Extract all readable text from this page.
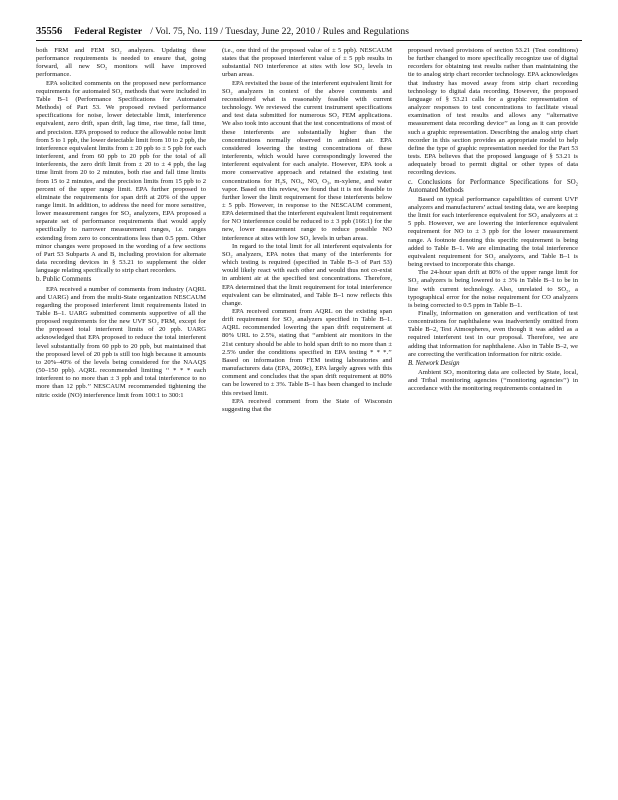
35556 Federal Register / Vol. 75, No. 119 / Tuesday, June 22, 2010 / Rules and Regulations

both FRM and FEM SO₂ analyzers. Updating these performance requirements is needed to ensure that, going forward, all new SO₂ monitors will have improved performance.

EPA solicited comments on the proposed new performance requirements for automated SO₂ methods that were included in Table B–1 (Performance Specifications for Automated Methods) of Part 53. We proposed revised performance specifications for noise, lower detectable limit, interference equivalent, zero drift, span drift, lag time, rise time, fall time, and precision. EPA proposed to reduce the allowable noise limit from 5 to 1 ppb, the lower detectable limit from 10 to 2 ppb, the interference equivalent limits from ± 20 ppb to ± 5 ppb for each interferent, and from 60 ppb to 20 ppb for the total of all interferents, the zero drift limit from ± 20 to ± 4 ppb, the lag time limit from 20 to 2 minutes, both rise and fall time limits from 15 to 2 minutes, and the precision limits from 15 ppb to 2 percent of the upper range limit. EPA further proposed to eliminate the requirements for span drift at 20% of the upper range limit. In addition, to address the need for more sensitive, lower measurement ranges for SO₂ analyzers, EPA proposed a separate set of performance requirements that would apply specifically to narrower measurement ranges, i.e. ranges extending from zero to concentrations less than 0.5 ppm. Other minor changes were proposed in the wording of a few sections of Part 53 Subparts A and B, including provision for alternate data recording devices in § 53.21 to supplement the older language relating specifically to strip chart recorders.

b. Public Comments

EPA received a number of comments from industry (AQRL and UARG) and from the multi-State organization NESCAUM regarding the proposed interferent limit requirements listed in Table B–1. UARG submitted comments supportive of all the proposed requirements for the new UVF SO₂ FRM, except for the proposed total interferent limits of 20 ppb. UARG acknowledged that EPA proposed to reduce the total interferent level substantially from 60 ppb to 20 ppb, but maintained that the proposed level of 20 ppb is still too high because it amounts to 20%–40% of the levels being considered for the NAAQS (50–150 ppb). AQRL recommended limiting ‘‘ * * * each interferent to no more than ± 3 ppb and total interference to no more than 12 ppb.’’ NESCAUM recommended tightening the nitric oxide (NO) interference limit from 100:1 to 300:1

(i.e., one third of the proposed value of ± 5 ppb). NESCAUM states that the proposed interferent value of ± 5 ppb results in substantial NO interference at sites with low SO₂ levels in urban areas.

EPA revisited the issue of the interferent equivalent limit for SO₂ analyzers in context of the above comments and reconsidered what is reasonably feasible with current technology. We reviewed the current instrument specifications and test data submitted for numerous SO₂ FEM applications. We also took into account that the test concentrations of most of these interferents are substantially higher than the concentrations normally observed in ambient air. EPA considered lowering the testing concentrations of these interferents, which would have correspondingly lowered the interferent equivalent for each analyte. However, EPA took a more conservative approach and retained the existing test concentrations for H₂S, NOₓ, NO, O₃, m-xylene, and water vapor. Based on this review, we found that it is not feasible to further lower the limit requirement for these interferents below ± 5 ppb. However, in response to the NESCAUM comment, EPA determined that the interferent equivalent limit requirement for NO interference could be reduced to ± 3 ppb (166:1) for the new, lower measurement range to reduce possible NO interference at sites with low SO₂ levels in urban areas.

In regard to the total limit for all interferent equivalents for SO₂ analyzers, EPA notes that many of the interferents for which testing is required (specified in Table B–3 of Part 53) would likely react with each other and would thus not co-exist in ambient air at the specified test concentrations. Therefore, EPA determined that the limit requirement for total interference equivalent can be eliminated, and Table B–1 now reflects this change.

EPA received comment from AQRL on the existing span drift requirement for SO₂ analyzers specified in Table B–1. AQRL recommended lowering the span drift requirement at 80% URL to 2.5%, stating that ‘‘ambient air monitors in the 21st century should be able to hold span drift to no more than ± 2.5% under the conditions specified in EPA testing * * *.’’ Based on information from FEM testing laboratories and manufacturers data (EPA, 2009c), EPA largely agrees with this comment and concludes that the span drift requirement at 80% can be lowered to ± 3%. Table B–1 has been changed to include this revised limit.

EPA received comment from the State of Wisconsin suggesting that the

proposed revised provisions of section 53.21 (Test conditions) be further changed to more specifically recognize use of digital recorders for obtaining test results rather than maintaining the tie to analog strip chart recorder technology. EPA acknowledges that industry has moved away from strip chart recording technology to digital data recording. However, the proposed language of § 53.21 calls for a graphic representation of analyzer responses to test concentrations to facilitate visual examination of test results and allows any ‘‘alternative measurement data recording device’’ as long as it can provide such a graphic representation. Describing the analog strip chart recorder in this section provides an appropriate model to help define the type of graphic representation needed for the Part 53 tests. EPA believes that the proposed language of § 53.21 is adequately broad to permit digital or other types of data recording devices.

c. Conclusions for Performance Specifications for SO₂ Automated Methods

Based on typical performance capabilities of current UVF analyzers and manufacturers’ actual testing data, we are keeping the limit for each interference equivalent for SO₂ analyzers at ± 5 ppb. However, we are lowering the interference equivalent requirement for NO to ± 3 ppb for the lower measurement range. A footnote denoting this specific requirement is being added to Table B–1. We are eliminating the total interference equivalent requirement for SO₂ analyzers, and Table B–1 is being revised to incorporate this change.

The 24-hour span drift at 80% of the upper range limit for SO₂ analyzers is being lowered to ± 3% in Table B–1 to be in line with current technology. Also, unrelated to SO₂, a typographical error for the noise requirement for CO analyzers is being corrected to 0.5 ppm in Table B–1.

Finally, information on generation and verification of test concentrations for naphthalene was inadvertently omitted from Table B–2, Test Atmospheres, even though it was added as a required interferent test in our proposal. Therefore, we are adding that information for naphthalene. Also in Table B–2, we are correcting the verification information for nitric oxide.

B. Network Design

Ambient SO₂ monitoring data are collected by State, local, and Tribal monitoring agencies (‘‘monitoring agencies’’) in accordance with the monitoring requirements contained in
